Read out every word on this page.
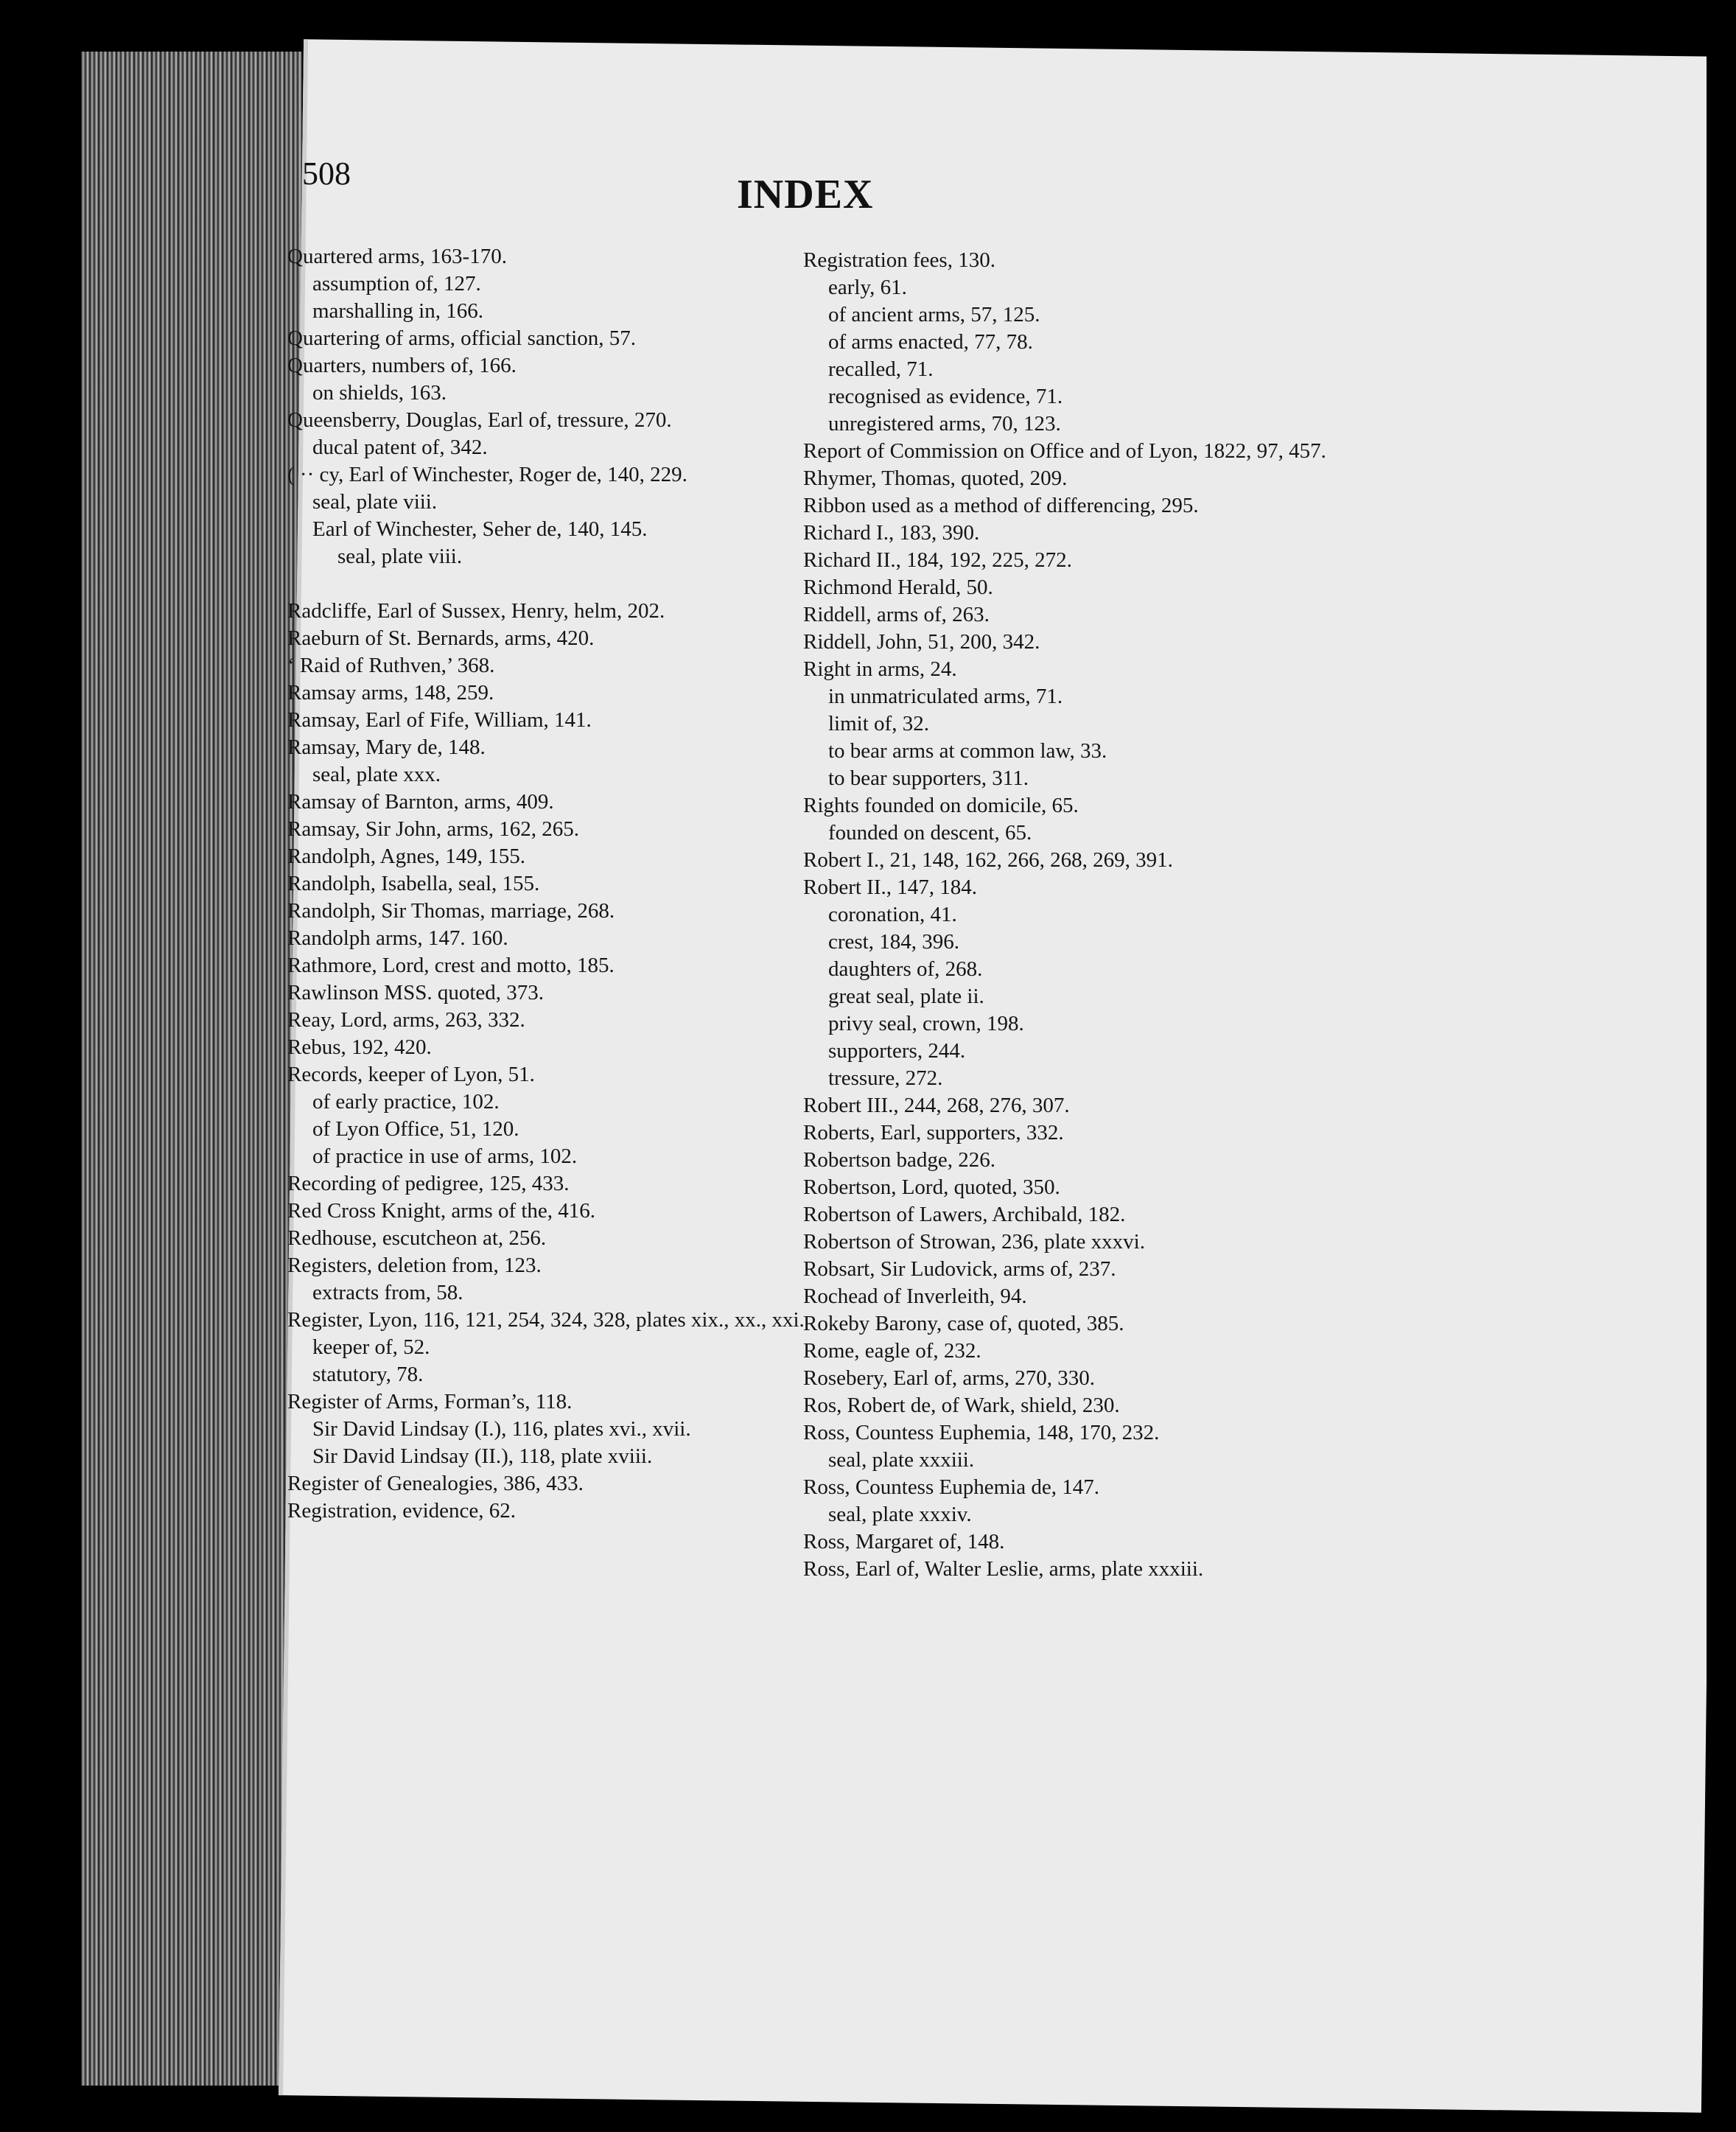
508	INDEX

Quartered arms, 163-170.

assumption of, 127.

marshalling in, 166.

Quartering of arms, official sanction, 57.

Quarters, numbers of, 166.

on shields, 163.

Queensberry, Douglas, Earl of, tressure, 270.

ducal patent of, 342.

( ·· cy, Earl of Winchester, Roger de, 140, 229.

seal, plate viii.

Earl of Winchester, Seher de, 140, 145.

seal, plate viii.

Radcliffe, Earl of Sussex, Henry, helm, 202.

Raeburn of St. Bernards, arms, 420.

‘ Raid of Ruthven,’ 368.

Ramsay arms, 148, 259.

Ramsay, Earl of Fife, William, 141.

Ramsay, Mary de, 148.

seal, plate xxx.

Ramsay of Barnton, arms, 409.

Ramsay, Sir John, arms, 162, 265.

Randolph, Agnes, 149, 155.

Randolph, Isabella, seal, 155.

Randolph, Sir Thomas, marriage, 268.

Randolph arms, 147. 160.

Rathmore, Lord, crest and motto, 185.

Rawlinson MSS. quoted, 373.

Reay, Lord, arms, 263, 332.

Rebus, 192, 420.

Records, keeper of Lyon, 51.

of early practice, 102.

of Lyon Office, 51, 120.

of practice in use of arms, 102.

Recording of pedigree, 125, 433.

Red Cross Knight, arms of the, 416.

Redhouse, escutcheon at, 256.

Registers, deletion from, 123.

extracts from, 58.

Register, Lyon, 116, 121, 254, 324, 328, plates xix., xx., xxi.

keeper of, 52.

statutory, 78.

Register of Arms, Forman’s, 118.

Sir David Lindsay (I.), 116, plates xvi., xvii.

Sir David Lindsay (II.), 118, plate xviii.

Register of Genealogies, 386, 433.

Registration, evidence, 62.

Registration fees, 130.

early, 61.

of ancient arms, 57, 125.

of arms enacted, 77, 78.

recalled, 71.

recognised as evidence, 71.

unregistered arms, 70, 123.

Report of Commission on Office and of Lyon, 1822, 97, 457.

Rhymer, Thomas, quoted, 209.

Ribbon used as a method of differencing, 295.

Richard I., 183, 390.

Richard II., 184, 192, 225, 272.

Richmond Herald, 50.

Riddell, arms of, 263.

Riddell, John, 51, 200, 342.

Right in arms, 24.

in unmatriculated arms, 71.

limit of, 32.

to bear arms at common law, 33.

to bear supporters, 311.

Rights founded on domicile, 65.

founded on descent, 65.

Robert I., 21, 148, 162, 266, 268, 269, 391.

Robert II., 147, 184.

coronation, 41.

crest, 184, 396.

daughters of, 268.

great seal, plate ii.

privy seal, crown, 198.

supporters, 244.

tressure, 272.

Robert III., 244, 268, 276, 307.

Roberts, Earl, supporters, 332.

Robertson badge, 226.

Robertson, Lord, quoted, 350.

Robertson of Lawers, Archibald, 182.

Robertson of Strowan, 236, plate xxxvi.

Robsart, Sir Ludovick, arms of, 237.

Rochead of Inverleith, 94.

Rokeby Barony, case of, quoted, 385.

Rome, eagle of, 232.

Rosebery, Earl of, arms, 270, 330.

Ros, Robert de, of Wark, shield, 230.

Ross, Countess Euphemia, 148, 170, 232.

seal, plate xxxiii.

Ross, Countess Euphemia de, 147.

seal, plate xxxiv.

Ross, Margaret of, 148.

Ross, Earl of, Walter Leslie, arms, plate xxxiii.
